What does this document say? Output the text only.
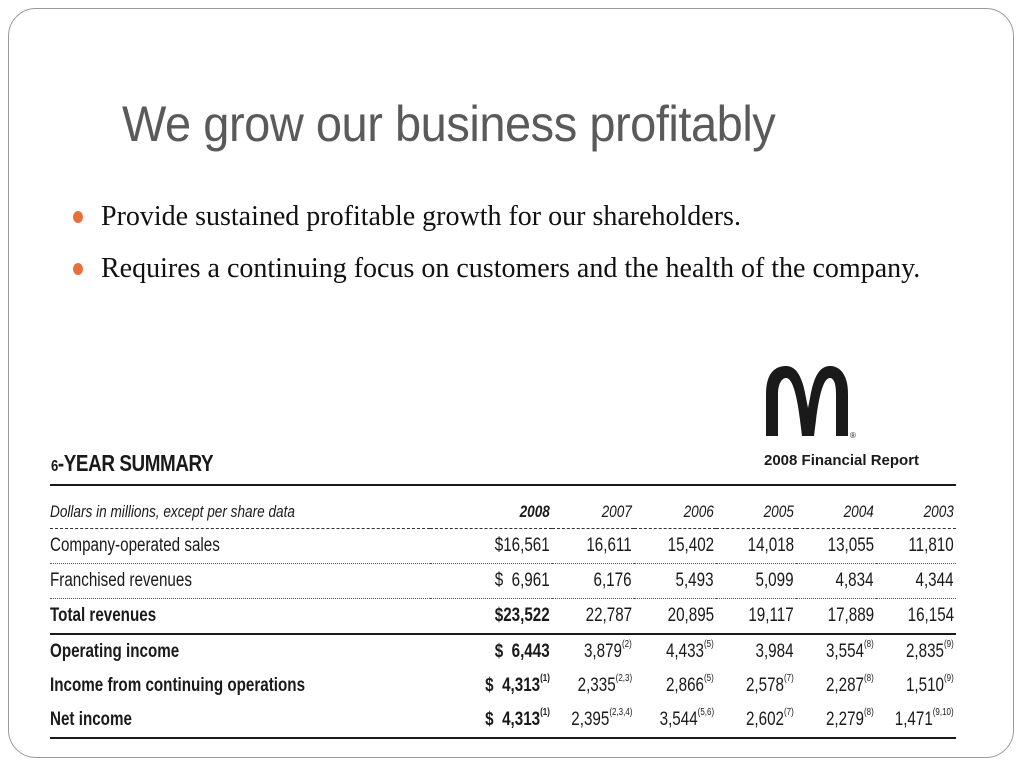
We grow our business profitably
Provide sustained profitable growth for our shareholders.
Requires a continuing focus on customers and the health of the company.
®
2008 Financial Report
6-YEAR SUMMARY
Dollars in millions, except per share data	2008	2007	2006	2005	2004	2003
Company-operated sales	$16,561	16,611	15,402	14,018	13,055	11,810
Franchised revenues	$  6,961	6,176	5,493	5,099	4,834	4,344
Total revenues	$23,522	22,787	20,895	19,117	17,889	16,154
Operating income	$  6,443	3,879$^{(2)}$	4,433$^{(5)}$	3,984	3,554$^{(8)}$	2,835$^{(9)}$
Income from continuing operations	$  4,313$^{(1)}$	2,335$^{(2,3)}$	2,866$^{(5)}$	2,578$^{(7)}$	2,287$^{(8)}$	1,510$^{(9)}$
Net income	$  4,313$^{(1)}$	2,395$^{(2,3,4)}$	3,544$^{(5,6)}$	2,602$^{(7)}$	2,279$^{(8)}$	1,471$^{(9,10)}$
